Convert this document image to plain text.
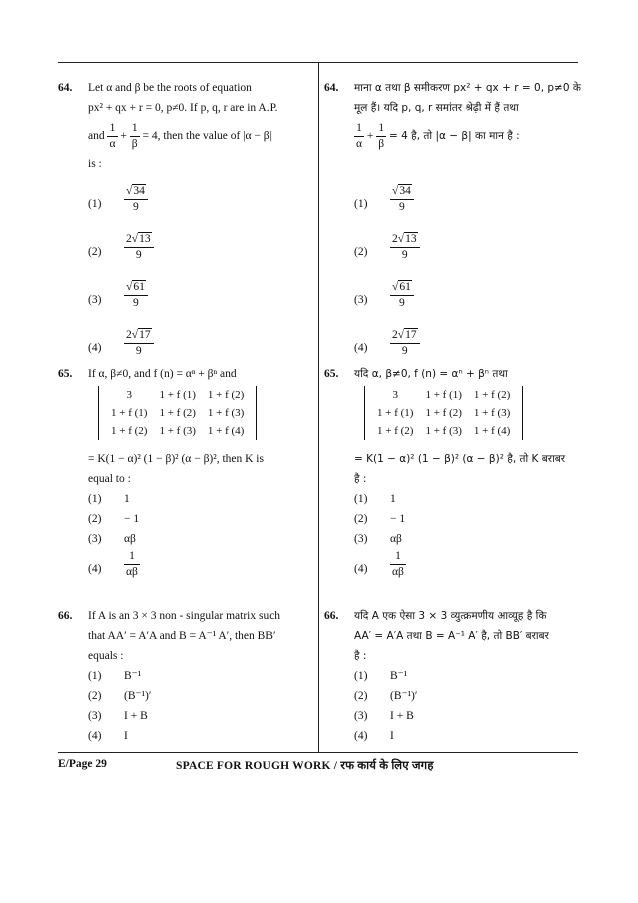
64. Let α and β be the roots of equation
px² + qx + r = 0, p≠0. If p, q, r are in A.P.
and $\frac{1}{\alpha} + \frac{1}{\beta} = 4$, then the value of |α − β|
is :
$(1) \frac{√34}{9}$
$(2) \frac{2√13}{9}$
$(3) \frac{√61}{9}$
$(4) \frac{2√17}{9}$
65. If α, β≠0, and f (n) = αⁿ + βⁿ and
3	1 + f (1)	1 + f (2)
1 + f (1)	1 + f (2)	1 + f (3)
1 + f (2)	1 + f (3)	1 + f (4)
= K(1 − α)² (1 − β)² (α − β)², then K is
equal to :
(1) 1
(2) − 1
(3) αβ
$(4) \frac{1}{\alpha\beta}$
66. If A is an 3 × 3 non - singular matrix such
that AA′ = A′A and B = A⁻¹ A′, then BB′
equals :
(1) B⁻¹
(2) (B⁻¹)′
(3) I + B
(4) I
64. माना α तथा β समीकरण px² + qx + r = 0, p≠0 के
मूल हैं। यदि p, q, r समांतर श्रेढ़ी में हैं तथा
$\frac{1}{\alpha} + \frac{1}{\beta} = 4$ है, तो |α − β| का मान है :
$(1) \frac{√34}{9}$
$(2) \frac{2√13}{9}$
$(3) \frac{√61}{9}$
$(4) \frac{2√17}{9}$
65. यदि α, β≠0, f (n) = αⁿ + βⁿ तथा
3	1 + f (1)	1 + f (2)
1 + f (1)	1 + f (2)	1 + f (3)
1 + f (2)	1 + f (3)	1 + f (4)
= K(1 − α)² (1 − β)² (α − β)² है, तो K बराबर
है :
(1) 1
(2) − 1
(3) αβ
$(4) \frac{1}{\alpha\beta}$
66. यदि A एक ऐसा 3 × 3 व्युत्क्रमणीय आव्यूह है कि
AA′ = A′A तथा B = A⁻¹ A′ है, तो BB′ बराबर
है :
(1) B⁻¹
(2) (B⁻¹)′
(3) I + B
(4) I
E/Page 29	SPACE FOR ROUGH WORK / रफ कार्य के लिए जगह
